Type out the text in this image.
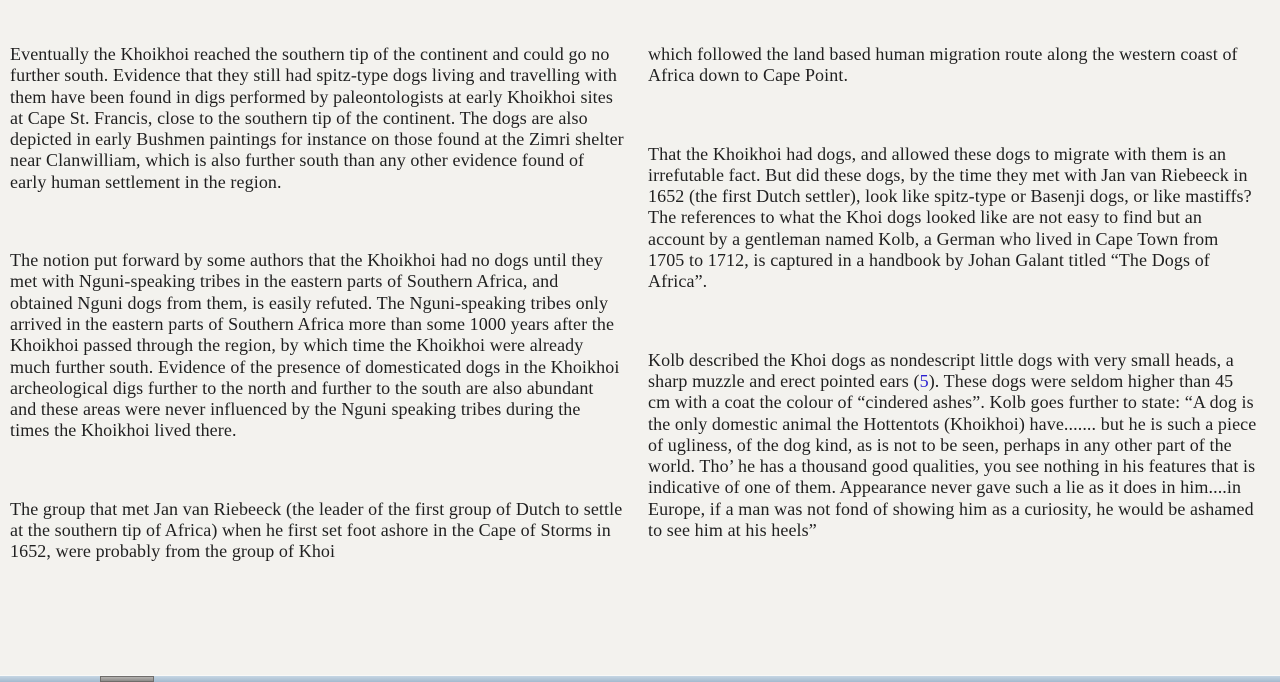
Eventually the Khoikhoi reached the southern tip of the continent and could go no further south. Evidence that they still had spitz-type dogs living and travelling with them have been found in digs performed by paleontologists at early Khoikhoi sites at Cape St. Francis, close to the southern tip of the continent. The dogs are also depicted in early Bushmen paintings for instance on those found at the Zimri shelter near Clanwilliam, which is also further south than any other evidence found of early human settlement in the region.

The notion put forward by some authors that the Khoikhoi had no dogs until they met with Nguni-speaking tribes in the eastern parts of Southern Africa, and obtained Nguni dogs from them, is easily refuted. The Nguni-speaking tribes only arrived in the eastern parts of Southern Africa more than some 1000 years after the Khoikhoi passed through the region, by which time the Khoikhoi were already much further south. Evidence of the presence of domesticated dogs in the Khoikhoi archeological digs further to the north and further to the south are also abundant and these areas were never influenced by the Nguni speaking tribes during the times the Khoikhoi lived there.

The group that met Jan van Riebeeck (the leader of the first group of Dutch to settle at the southern tip of Africa) when he first set foot ashore in the Cape of Storms in 1652, were probably from the group of Khoi

which followed the land based human migration route along the western coast of Africa down to Cape Point.

That the Khoikhoi had dogs, and allowed these dogs to migrate with them is an irrefutable fact. But did these dogs, by the time they met with Jan van Riebeeck in 1652 (the first Dutch settler), look like spitz-type or Basenji dogs, or like mastiffs? The references to what the Khoi dogs looked like are not easy to find but an account by a gentleman named Kolb, a German who lived in Cape Town from 1705 to 1712, is captured in a handbook by Johan Galant titled “The Dogs of Africa”.

Kolb described the Khoi dogs as nondescript little dogs with very small heads, a sharp muzzle and erect pointed ears (5). These dogs were seldom higher than 45 cm with a coat the colour of “cindered ashes”. Kolb goes further to state: “A dog is the only domestic animal the Hottentots (Khoikhoi) have....... but he is such a piece of ugliness, of the dog kind, as is not to be seen, perhaps in any other part of the world. Tho’ he has a thousand good qualities, you see nothing in his features that is indicative of one of them. Appearance never gave such a lie as it does in him....in Europe, if a man was not fond of showing him as a curiosity, he would be ashamed to see him at his heels”
